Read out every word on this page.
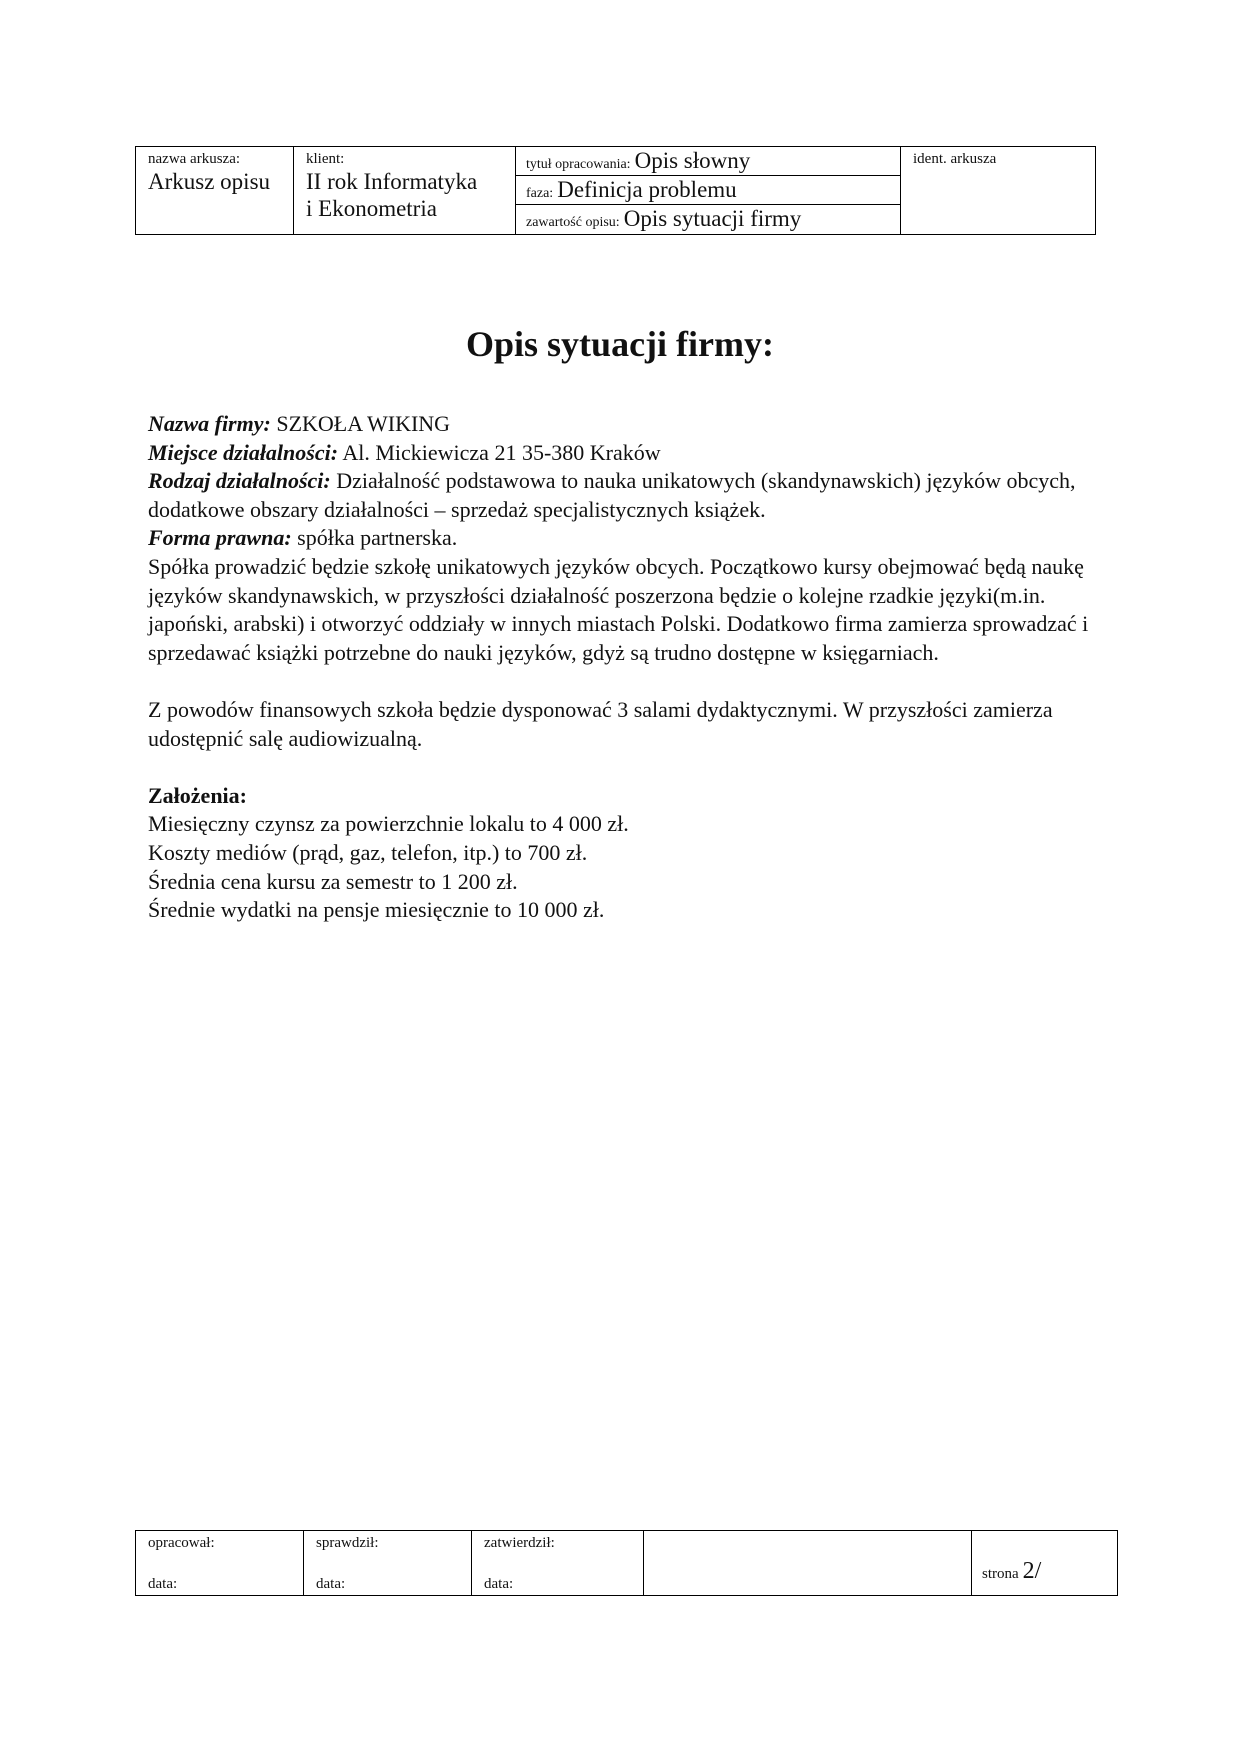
nazwa arkusza:
Arkusz opisu

klient:
II rok Informatyka
i Ekonometria

tytuł opracowania: Opis słowny
faza: Definicja problemu
zawartość opisu: Opis sytuacji firmy

ident. arkusza
Opis sytuacji firmy:

Nazwa firmy: SZKOŁA WIKING

Miejsce działalności: Al. Mickiewicza 21 35-380 Kraków

Rodzaj działalności: Działalność podstawowa to nauka unikatowych (skandynawskich) języków obcych, dodatkowe obszary działalności – sprzedaż specjalistycznych książek.

Forma prawna: spółka partnerska.

Spółka prowadzić będzie szkołę unikatowych języków obcych. Początkowo kursy obejmować będą naukę języków skandynawskich, w przyszłości działalność poszerzona będzie o kolejne rzadkie języki(m.in. japoński, arabski) i otworzyć oddziały w innych miastach Polski. Dodatkowo firma zamierza sprowadzać i sprzedawać książki potrzebne do nauki języków, gdyż są trudno dostępne w księgarniach.

Z powodów finansowych szkoła będzie dysponować 3 salami dydaktycznymi. W przyszłości zamierza udostępnić salę audiowizualną.

Założenia:

Miesięczny czynsz za powierzchnie lokalu to 4 000 zł.

Koszty mediów (prąd, gaz, telefon, itp.) to 700 zł.

Średnia cena kursu za semestr to 1 200 zł.

Średnie wydatki na pensje miesięcznie to 10 000 zł.

opracował:
data:

sprawdził:
data:

zatwierdził:
data:

strona 2/
